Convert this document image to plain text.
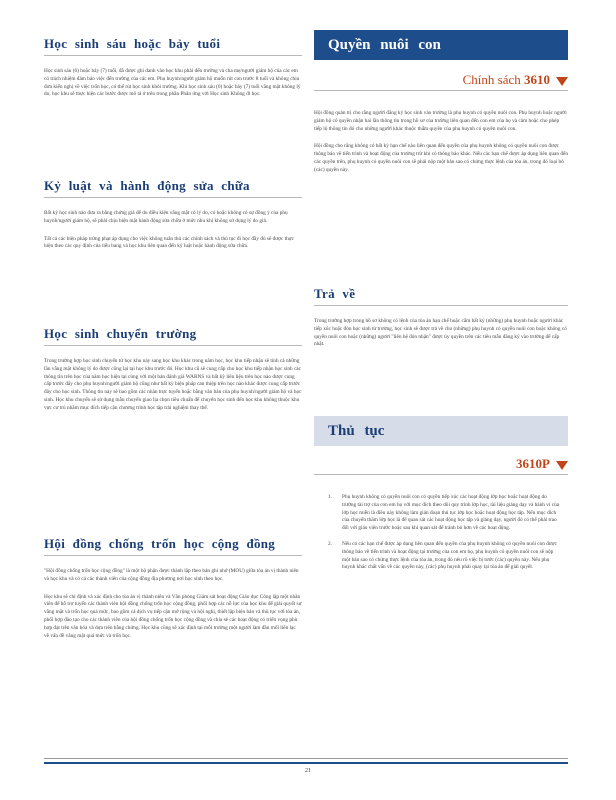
Học sinh sáu hoặc bảy tuổi

Học sinh sáu (6) hoặc bảy (7) tuổi, đã được ghi danh vào học khu phải đến trường và cha mẹ/người giám hộ của các em có trách nhiệm đảm bảo việc đến trường của các em. Phụ huynh/người giám hộ muốn rút con trước 8 tuổi và không chịu đơn kiến nghị về việc trốn học, có thể rút học sinh khỏi trường. Khi học sinh sáu (6) hoặc bảy (7) tuổi vắng mặt không lý do, học khu sẽ thực hiện các bước được mô tả ở trên trong phần Phân ứng với Học sinh Không đi học.

Kỷ luật và hành động sửa chữa

Bất kỳ học sinh nào đưa ra bằng chứng giả để du điều kiện vắng mặt có lý do, có hoặc không có sự đồng ý của phụ huynh/người giám hộ, sẽ phải chịu biện mặt hành động sửa chữa ở mức nhu khi không sử dụng lý do giả.

Tất cả các biện pháp trừng phạt áp dụng cho việc không tuân thủ các chính sách và thủ tục đi học đầy đủ sẽ được thực hiện theo các quy định của tiểu bang và học khu liên quan đến kỷ luật hoặc hành động sửa chữa.

Học sinh chuyển trường

Trong trường hợp học sinh chuyển từ học khu này sang học khu khác trong năm học, học khu tiếp nhận sẽ tính cả những lần vắng mặt không lý do được công lại tại học khu trước đó. Học khu cũ sẽ cung cấp cho học khu tiếp nhận học sinh các thông tin trên học của năm học hiện tại cùng với một bản đánh giá WARNS và bất kỳ liên liệu trên học nào được cung cấp trước đây cho phụ huynh/người giám hộ cũng như bất kỳ biện pháp can thiệp trên học nào khác được cung cấp trước đây cho học sinh. Thông tin này sẽ bao gồm các nhân trực tuyến hoặc bằng văn bản của phụ huynh/người giám hộ và học sinh. Học khu chuyển sẽ sử dụng mẫu chuyển giao lịa chọn tiêu chuẩn để chuyển học sinh đến học khu không thuộc khu vực cư trú nhằm mục đích tiếp cận chương trình học tập trải nghiệm thay thế.

Hội đồng chống trốn học cộng đồng

"Hội đồng chống trốn học cộng đồng" là một bộ phận được thành lập theo bản ghi nhớ (MOU) giữa tòa án vị thành niên và học khu và có cả các thành viên của cộng đồng địa phương nơi học sinh theo học.

Học khu sẽ chỉ định và xác định cho tòa án vị thành niên và Văn phòng Giám sát hoạt động Giáo dục Công lập một nhân viên để hỗ trợ tuyển các thành viên hội đồng chống trốn học cộng đồng, phối hợp các nỗ lực của học khu để giải quyết sự vắng mặt và trốn học quá mức, bao gồm cả dịch vụ tiếp cận mở rộng và hội nghị, thiết lập biện bản và thủ tục với tòa án, phối hợp đào tạo cho các thành viên của hội đồng chống trốn học cộng đồng và chia sẻ các hoạt động có triển vọng phù hợp đạt trên văn hóa và dựa trên bằng chứng. Học khu cũng sẽ xác định tại mỗi trường một người làm đầu mối liên lạc về vấn đề vắng mặt quá mức và trốn học.

Quyền nuôi con
Chính sách 3610

Hội đồng quản trị cho rằng người đăng ký học sinh vào trường là phụ huynh có quyền nuôi con. Phụ huynh hoặc người giám hộ có quyền nhận hai lần thông tin trong hồ sơ của trường liên quan đến con em của họ và cảm hoặc cho phép tiếp lộ thông tin đó cho những người khác thuộc thẩm quyền của phụ huynh có quyền nuôi con.

Hội đồng cho rằng không có bất kỳ hạn chế nào liên quan đến quyền của phụ huynh không có quyền nuôi con được thông báo về tiến trình và hoạt động của trường trừ khi có thông báo khác. Nếu các hạn chế được áp dụng liên quan đến các quyền trên, phụ huynh có quyền nuôi con sẽ phải nộp một bản sao có chứng thực lệnh của tòa án, trong đó loại bỏ (các) quyền này.

Trả về

Trong trường hợp trong hồ sơ không có lệnh của tòa án hạn chế hoặc cấm bất kỳ (những) phụ huynh hoặc người khác tiếp xúc hoặc đón học sinh từ trường, học sinh sẽ được trả về cho (những) phụ huynh có quyền nuôi con hoặc không có quyền nuôi con hoặc (những) người "liên hệ đón nhận" được ủy quyền trên các tiêu mẫu đăng ký vào trường để cấp nhật.

Thủ tục
3610P
1. Phụ huynh không có quyền nuôi con có quyền tiếp xúc các hoạt động lớp học hoặc hoạt động do trường tài trợ của con em họ với mục đích theo dõi quy trình lớp học, tài liệu giảng dạy và hành vi của lớp học miễn là điều này không làm gián đoạn thủ tục lớp học hoặc hoạt động học tập. Nếu mục đích của chuyến thăm lớp học là để quan sát các hoạt động học tập và giảng dạy, người đó có thể phải trao đổi với giáo viên trước hoặc sau khi quan sát để tránh bỏ hơn về các hoạt động.
2. Nếu có các hạn chế được áp dụng liên quan đến quyền của phụ huynh không có quyền nuôi con được thông báo về tiến trình và hoạt động tại trường của con em họ, phụ huynh có quyền nuôi con sẽ nộp một bản sao có chứng thực lệnh của tòa án, trong đó nêu rõ việc bị tước (các) quyền này. Nếu phụ huynh khác chất vấn về các quyền này, (các) phụ huynh phải quay lại tòa án để giải quyết.
21
